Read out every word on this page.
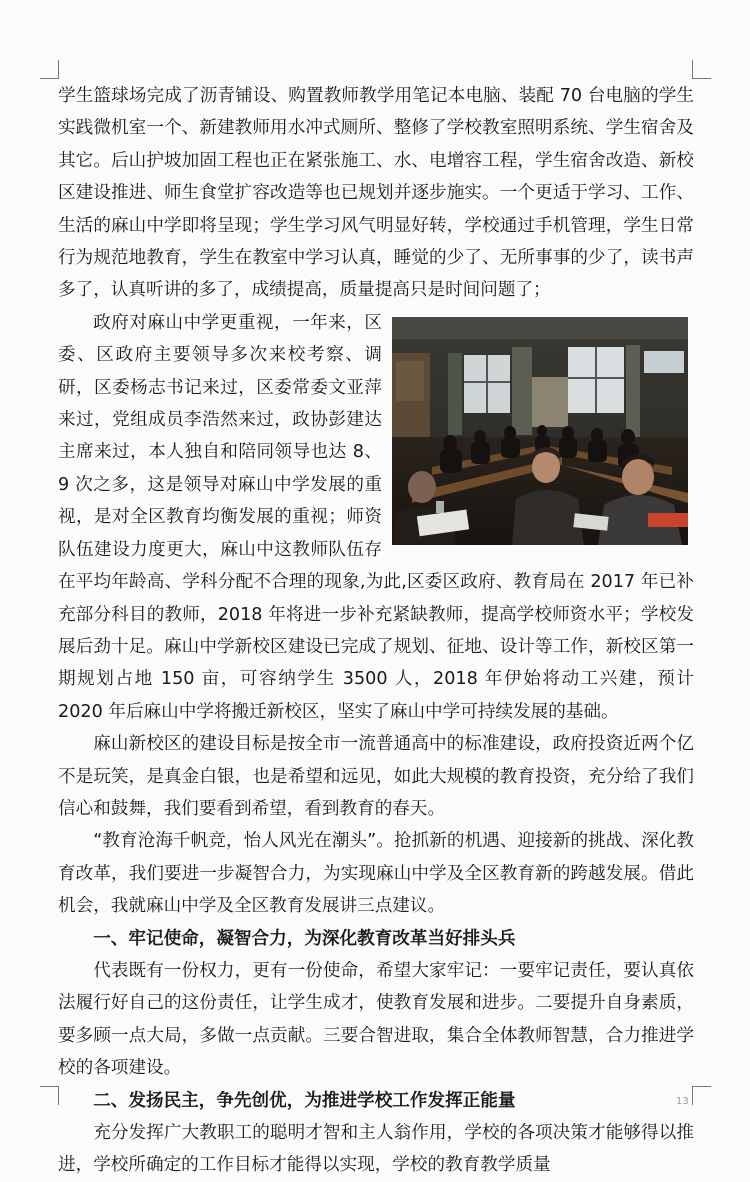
学生篮球场完成了沥青铺设、购置教师教学用笔记本电脑、装配 70 台电脑的学生实践微机室一个、新建教师用水冲式厕所、整修了学校教室照明系统、学生宿舍及其它。后山护坡加固工程也正在紧张施工、水、电增容工程，学生宿舍改造、新校区建设推进、师生食堂扩容改造等也已规划并逐步施实。一个更适于学习、工作、生活的麻山中学即将呈现；学生学习风气明显好转，学校通过手机管理，学生日常行为规范地教育，学生在教室中学习认真，睡觉的少了、无所事事的少了，读书声多了，认真听讲的多了，成绩提高，质量提高只是时间问题了；

政府对麻山中学更重视，一年来，区委、区政府主要领导多次来校考察、调研，区委杨志书记来过，区委常委文亚萍来过，党组成员李浩然来过，政协彭建达主席来过，本人独自和陪同领导也达 8、9 次之多，这是领导对麻山中学发展的重视，是对全区教育均衡发展的重视；师资队伍建设力度更大，麻山中这教师队伍存在平均年龄高、学科分配不合理的现象,为此,区委区政府、教育局在 2017 年已补充部分科目的教师，2018 年将进一步补充紧缺教师，提高学校师资水平；学校发展后劲十足。麻山中学新校区建设已完成了规划、征地、设计等工作，新校区第一期规划占地 150 亩，可容纳学生 3500 人，2018 年伊始将动工兴建，预计 2020 年后麻山中学将搬迁新校区，坚实了麻山中学可持续发展的基础。

麻山新校区的建设目标是按全市一流普通高中的标准建设，政府投资近两个亿不是玩笑，是真金白银，也是希望和远见，如此大规模的教育投资，充分给了我们信心和鼓舞，我们要看到希望，看到教育的春天。

“教育沧海千帆竞，怡人风光在潮头”。抢抓新的机遇、迎接新的挑战、深化教育改革，我们要进一步凝智合力，为实现麻山中学及全区教育新的跨越发展。借此机会，我就麻山中学及全区教育发展讲三点建议。

一、牢记使命，凝智合力，为深化教育改革当好排头兵

代表既有一份权力，更有一份使命，希望大家牢记：一要牢记责任，要认真依法履行好自己的这份责任，让学生成才，使教育发展和进步。二要提升自身素质，要多顾一点大局，多做一点贡献。三要合智进取，集合全体教师智慧，合力推进学校的各项建设。

二、发扬民主，争先创优，为推进学校工作发挥正能量

充分发挥广大教职工的聪明才智和主人翁作用，学校的各项决策才能够得以推进，学校所确定的工作目标才能得以实现，学校的教育教学质量

13
